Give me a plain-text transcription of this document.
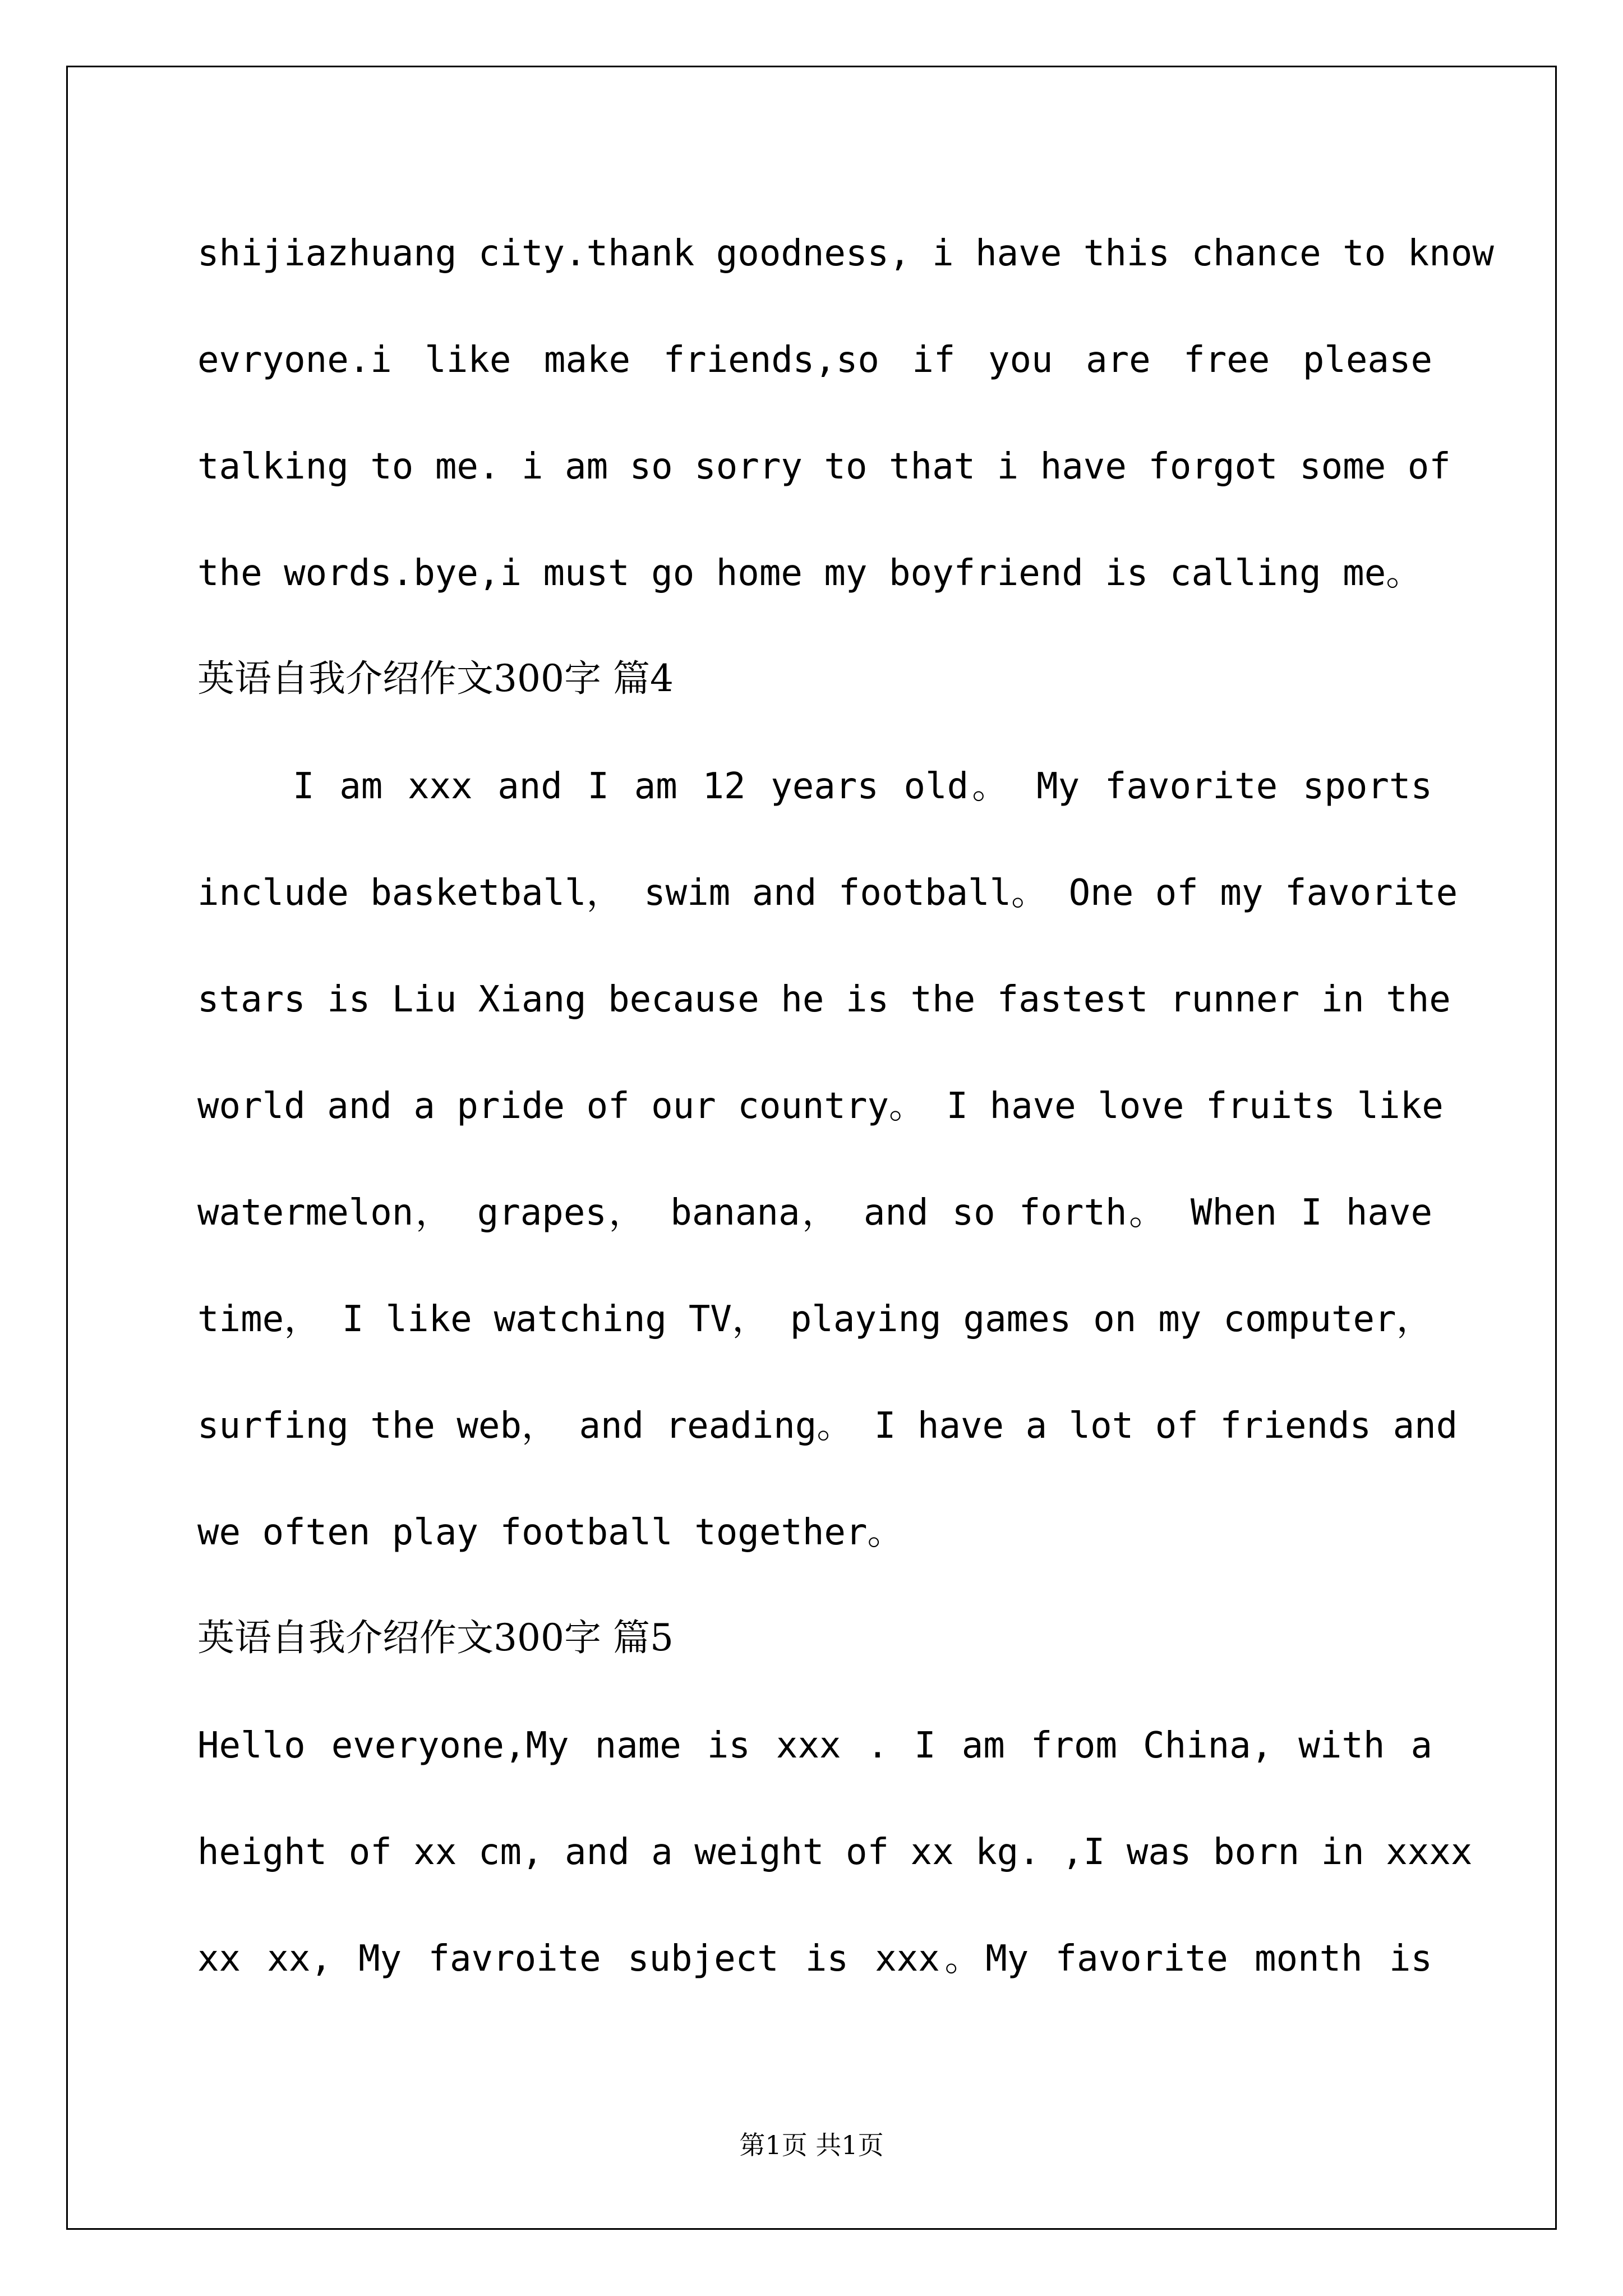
shijiazhuang city.thank goodness, i have this chance to know
evryone.i like make friends,so if you are free please
talking to me. i am so sorry to that i have forgot some of
the words.bye,i must go home my boyfriend is calling me。
英语自我介绍作文300字 篇4
I am xxx and I am 12 years old。 My favorite sports
include basketball， swim and football。 One of my favorite
stars is Liu Xiang because he is the fastest runner in the
world and a pride of our country。 I have love fruits like
watermelon， grapes， banana， and so forth。 When I have
time， I like watching TV， playing games on my computer，
surfing the web， and reading。 I have a lot of friends and
we often play football together。
英语自我介绍作文300字 篇5
Hello everyone,My name is xxx . I am from China, with a
height of xx cm, and a weight of xx kg. ,I was born in xxxx
xx xx, My favroite subject is xxx。My favorite month is
第1页 共1页
